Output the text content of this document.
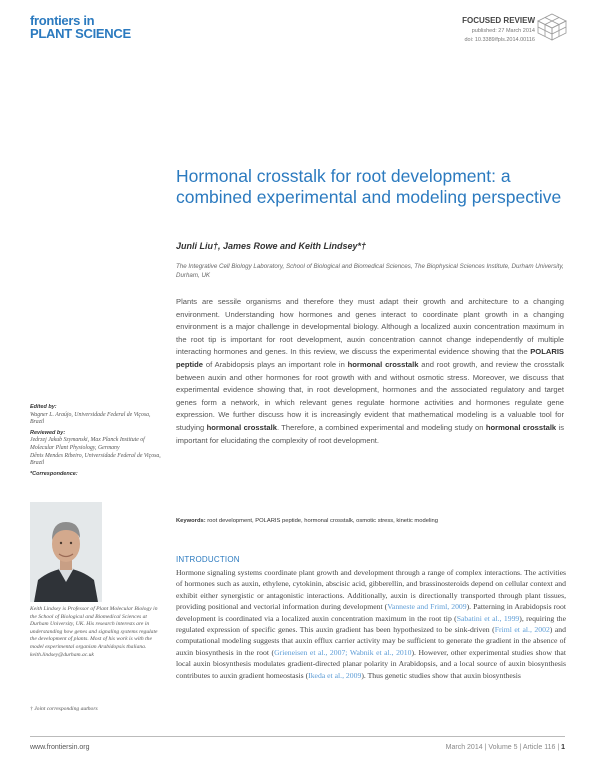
frontiers in
PLANT SCIENCE
FOCUSED REVIEW
published: 27 March 2014
doi: 10.3389/fpls.2014.00116
Hormonal crosstalk for root development: a combined experimental and modeling perspective
Junli Liu†, James Rowe and Keith Lindsey*†
The Integrative Cell Biology Laboratory, School of Biological and Biomedical Sciences, The Biophysical Sciences Institute, Durham University, Durham, UK

Plants are sessile organisms and therefore they must adapt their growth and architecture to a changing environment. Understanding how hormones and genes interact to coordinate plant growth in a changing environment is a major challenge in developmental biology. Although a localized auxin concentration maximum in the root tip is important for root development, auxin concentration cannot change independently of multiple interacting hormones and genes. In this review, we discuss the experimental evidence showing that the POLARIS peptide of Arabidopsis plays an important role in hormonal crosstalk and root growth, and review the crosstalk between auxin and other hormones for root growth with and without osmotic stress. Moreover, we discuss that experimental evidence showing that, in root development, hormones and the associated regulatory and target genes form a network, in which relevant genes regulate hormone activities and hormones regulate gene expression. We further discuss how it is increasingly evident that mathematical modeling is a valuable tool for studying hormonal crosstalk. Therefore, a combined experimental and modeling study on hormonal crosstalk is important for elucidating the complexity of root development.

Keywords: root development, POLARIS peptide, hormonal crosstalk, osmotic stress, kinetic modeling
Edited by:
Wagner L. Araújo, Universidade Federal de Viçosa, Brazil
Reviewed by:
Jedrzej Jakub Szymanski, Max Planck Institute of Molecular Plant Physiology, Germany
Dênis Mendes Ribeiro, Universidade Federal de Viçosa, Brazil
*Correspondence:
Keith Lindsey is Professor of Plant Molecular Biology in the School of Biological and Biomedical Sciences at Durham University, UK. His research interests are in understanding how genes and signaling systems regulate the development of plants. Most of his work is with the model experimental organism Arabidopsis thaliana.
keith.lindsey@durham.ac.uk
† Joint corresponding authors
INTRODUCTION

Hormone signaling systems coordinate plant growth and development through a range of complex interactions. The activities of hormones such as auxin, ethylene, cytokinin, abscisic acid, gibberellin, and brassinosteroids depend on cellular context and exhibit either synergistic or antagonistic interactions. Additionally, auxin is directionally transported through plant tissues, providing positional and vectorial information during development (Vanneste and Friml, 2009). Patterning in Arabidopsis root development is coordinated via a localized auxin concentration maximum in the root tip (Sabatini et al., 1999), requiring the regulated expression of specific genes. This auxin gradient has been hypothesized to be sink-driven (Friml et al., 2002) and computational modeling suggests that auxin efflux carrier activity may be sufficient to generate the gradient in the absence of auxin biosynthesis in the root (Grieneisen et al., 2007; Wabnik et al., 2010). However, other experimental studies show that local auxin biosynthesis modulates gradient-directed planar polarity in Arabidopsis, and a local source of auxin biosynthesis contributes to auxin gradient homeostasis (Ikeda et al., 2009). Thus genetic studies show that auxin biosynthesis

www.frontiersin.org	March 2014 | Volume 5 | Article 116 | 1
